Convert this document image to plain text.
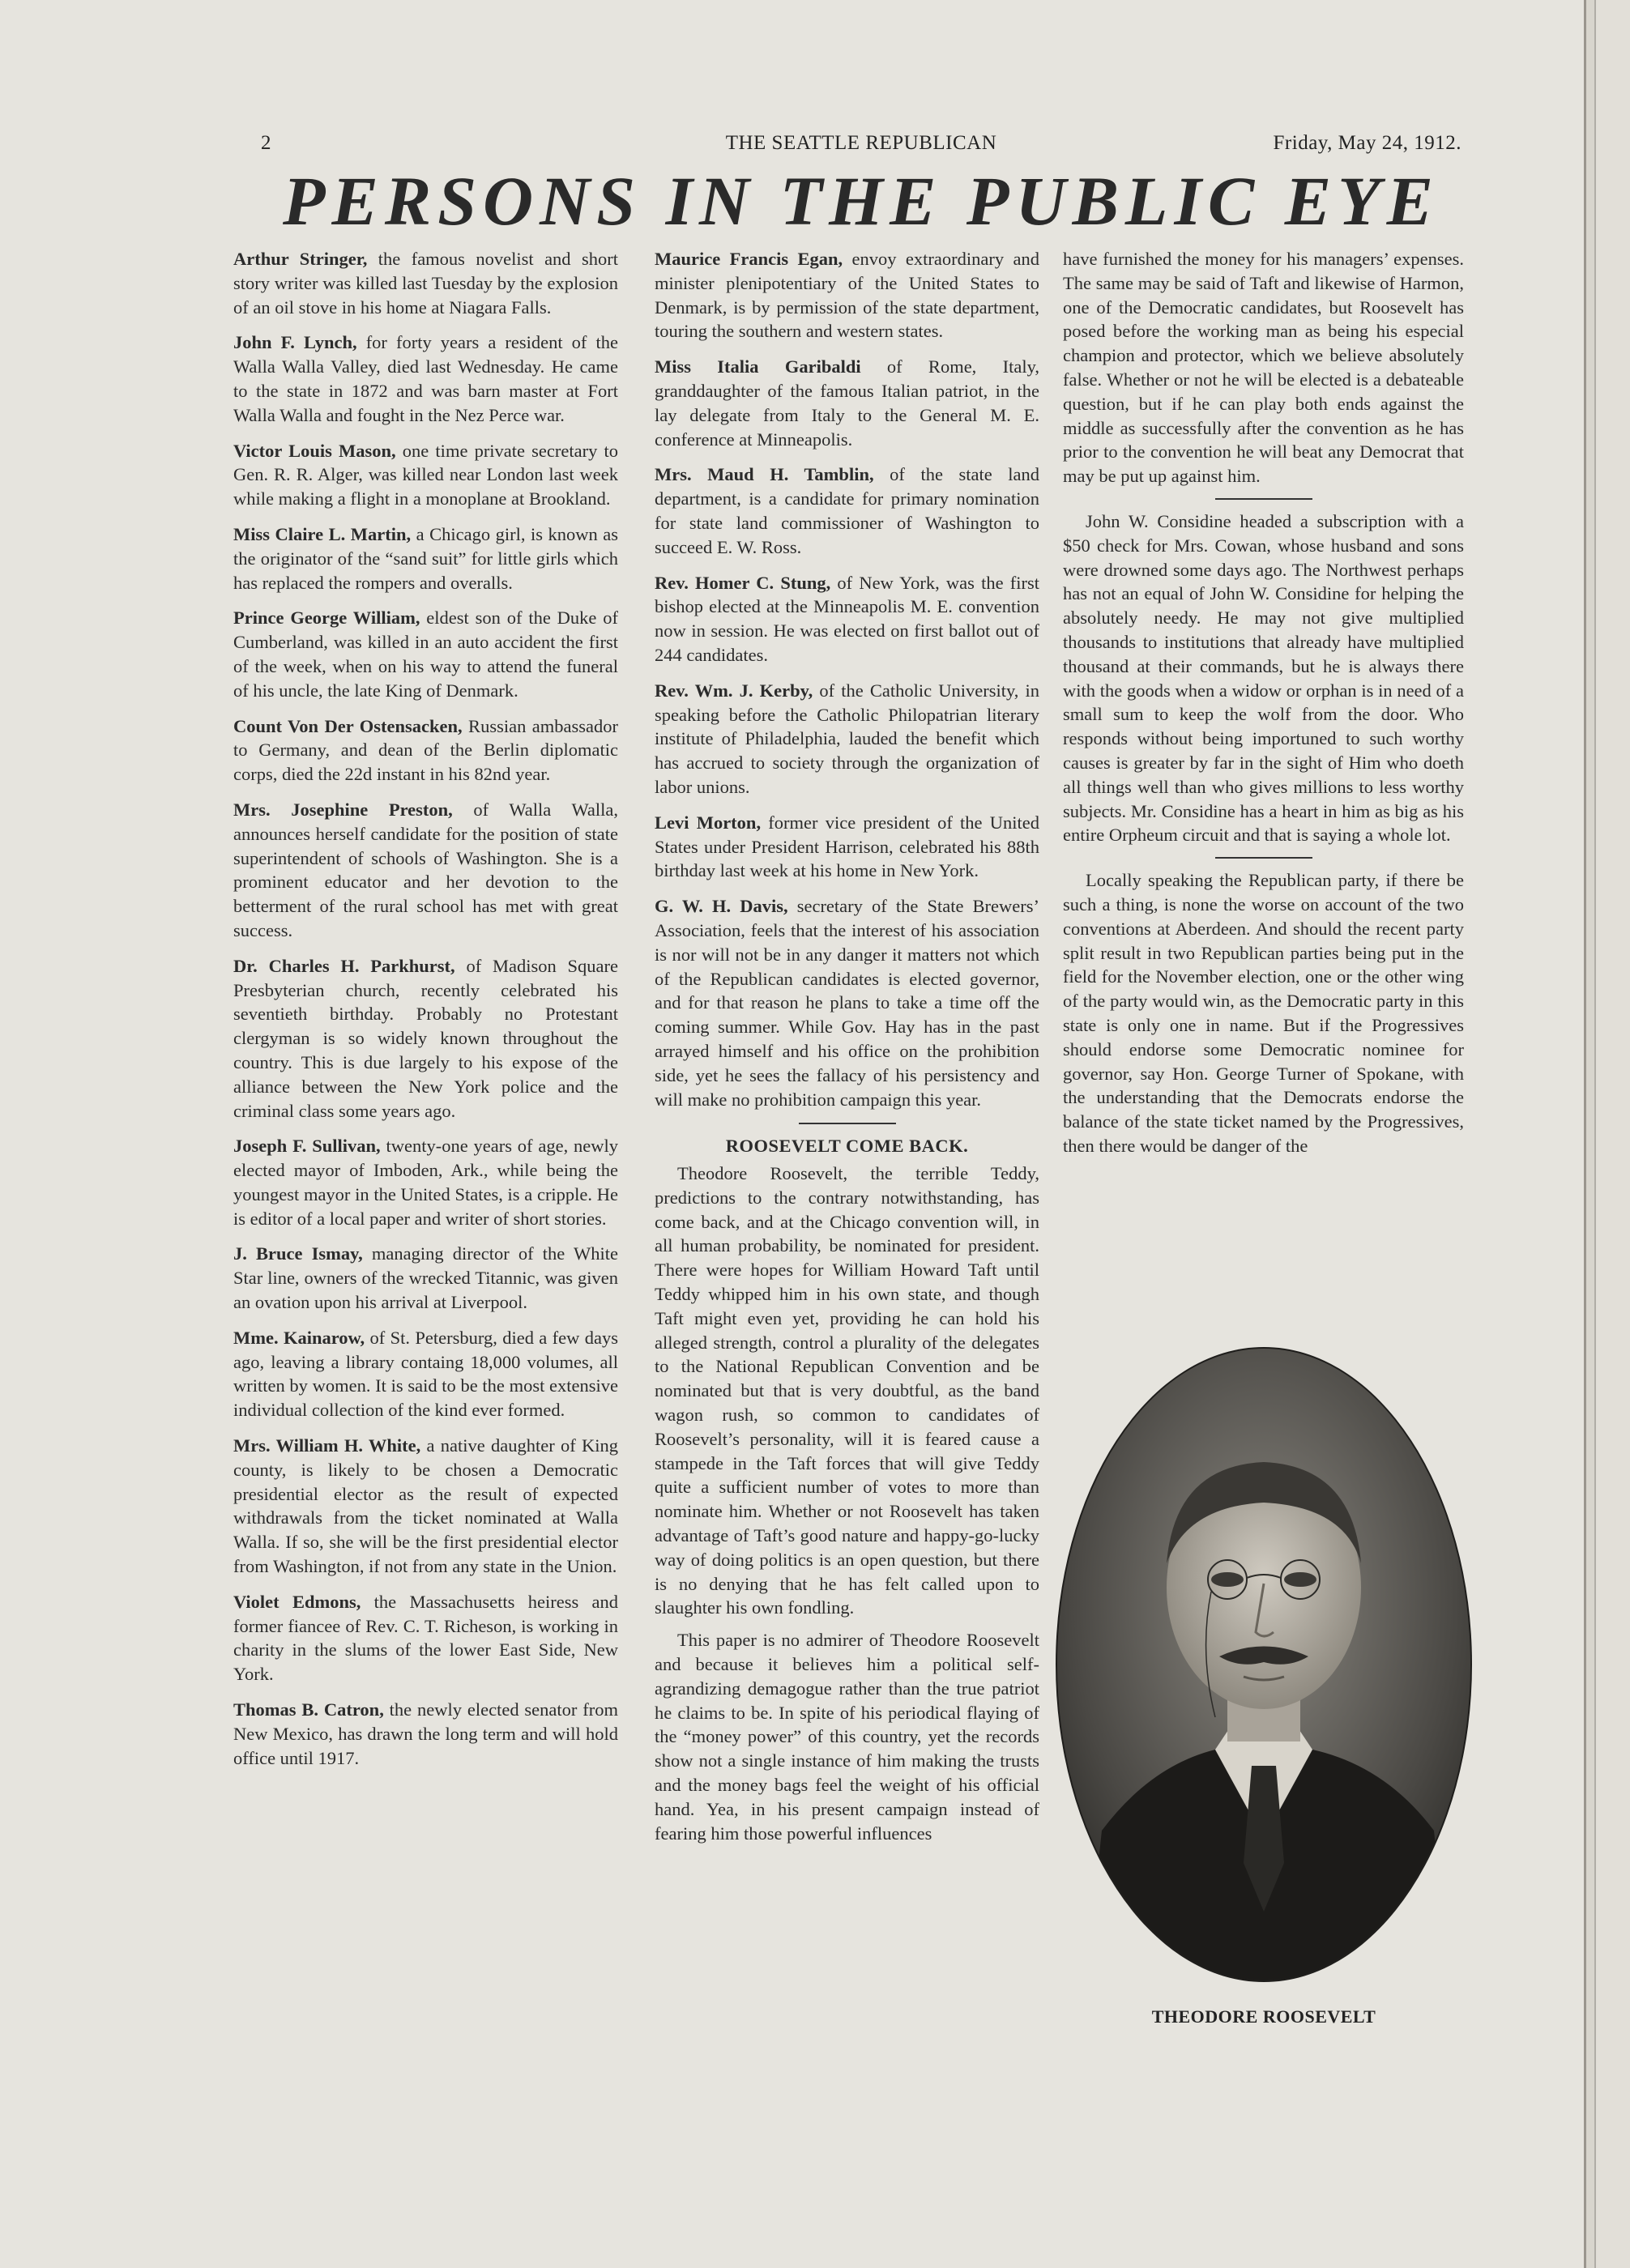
2	THE SEATTLE REPUBLICAN	Friday, May 24, 1912.
PERSONS IN THE PUBLIC EYE

Arthur Stringer, the famous novelist and short story writer was killed last Tuesday by the explosion of an oil stove in his home at Niagara Falls.

John F. Lynch, for forty years a resident of the Walla Walla Valley, died last Wednesday. He came to the state in 1872 and was barn master at Fort Walla Walla and fought in the Nez Perce war.

Victor Louis Mason, one time private secretary to Gen. R. R. Alger, was killed near London last week while making a flight in a monoplane at Brookland.

Miss Claire L. Martin, a Chicago girl, is known as the originator of the “sand suit” for little girls which has replaced the rompers and overalls.

Prince George William, eldest son of the Duke of Cumberland, was killed in an auto accident the first of the week, when on his way to attend the funeral of his uncle, the late King of Denmark.

Count Von Der Ostensacken, Russian ambassador to Germany, and dean of the Berlin diplomatic corps, died the 22d instant in his 82nd year.

Mrs. Josephine Preston, of Walla Walla, announces herself candidate for the position of state superintendent of schools of Washington. She is a prominent educator and her devotion to the betterment of the rural school has met with great success.

Dr. Charles H. Parkhurst, of Madison Square Presbyterian church, recently celebrated his seventieth birthday. Probably no Protestant clergyman is so widely known throughout the country. This is due largely to his expose of the alliance between the New York police and the criminal class some years ago.

Joseph F. Sullivan, twenty-one years of age, newly elected mayor of Imboden, Ark., while being the youngest mayor in the United States, is a cripple. He is editor of a local paper and writer of short stories.

J. Bruce Ismay, managing director of the White Star line, owners of the wrecked Titannic, was given an ovation upon his arrival at Liverpool.

Mme. Kainarow, of St. Petersburg, died a few days ago, leaving a library containg 18,000 volumes, all written by women. It is said to be the most extensive individual collection of the kind ever formed.

Mrs. William H. White, a native daughter of King county, is likely to be chosen a Democratic presidential elector as the result of expected withdrawals from the ticket nominated at Walla Walla. If so, she will be the first presidential elector from Washington, if not from any state in the Union.

Violet Edmons, the Massachusetts heiress and former fiancee of Rev. C. T. Richeson, is working in charity in the slums of the lower East Side, New York.

Thomas B. Catron, the newly elected senator from New Mexico, has drawn the long term and will hold office until 1917.

Maurice Francis Egan, envoy extraordinary and minister plenipotentiary of the United States to Denmark, is by permission of the state department, touring the southern and western states.

Miss Italia Garibaldi of Rome, Italy, granddaughter of the famous Italian patriot, in the lay delegate from Italy to the General M. E. conference at Minneapolis.

Mrs. Maud H. Tamblin, of the state land department, is a candidate for primary nomination for state land commissioner of Washington to succeed E. W. Ross.

Rev. Homer C. Stung, of New York, was the first bishop elected at the Minneapolis M. E. convention now in session. He was elected on first ballot out of 244 candidates.

Rev. Wm. J. Kerby, of the Catholic University, in speaking before the Catholic Philopatrian literary institute of Philadelphia, lauded the benefit which has accrued to society through the organization of labor unions.

Levi Morton, former vice president of the United States under President Harrison, celebrated his 88th birthday last week at his home in New York.

G. W. H. Davis, secretary of the State Brewers’ Association, feels that the interest of his association is nor will not be in any danger it matters not which of the Republican candidates is elected governor, and for that reason he plans to take a time off the coming summer. While Gov. Hay has in the past arrayed himself and his office on the prohibition side, yet he sees the fallacy of his persistency and will make no prohibition campaign this year.

ROOSEVELT COME BACK.

Theodore Roosevelt, the terrible Teddy, predictions to the contrary notwithstanding, has come back, and at the Chicago convention will, in all human probability, be nominated for president. There were hopes for William Howard Taft until Teddy whipped him in his own state, and though Taft might even yet, providing he can hold his alleged strength, control a plurality of the delegates to the National Republican Convention and be nominated but that is very doubtful, as the band wagon rush, so common to candidates of Roosevelt’s personality, will it is feared cause a stampede in the Taft forces that will give Teddy quite a sufficient number of votes to more than nominate him. Whether or not Roosevelt has taken advantage of Taft’s good nature and happy-go-lucky way of doing politics is an open question, but there is no denying that he has felt called upon to slaughter his own fondling.

This paper is no admirer of Theodore Roosevelt and because it believes him a political self-agrandizing demagogue rather than the true patriot he claims to be. In spite of his periodical flaying of the “money power” of this country, yet the records show not a single instance of him making the trusts and the money bags feel the weight of his official hand. Yea, in his present campaign instead of fearing him those powerful influences

have furnished the money for his managers’ expenses. The same may be said of Taft and likewise of Harmon, one of the Democratic candidates, but Roosevelt has posed before the working man as being his especial champion and protector, which we believe absolutely false. Whether or not he will be elected is a debateable question, but if he can play both ends against the middle as successfully after the convention as he has prior to the convention he will beat any Democrat that may be put up against him.

John W. Considine headed a subscription with a $50 check for Mrs. Cowan, whose husband and sons were drowned some days ago. The Northwest perhaps has not an equal of John W. Considine for helping the absolutely needy. He may not give multiplied thousands to institutions that already have multiplied thousand at their commands, but he is always there with the goods when a widow or orphan is in need of a small sum to keep the wolf from the door. Who responds without being importuned to such worthy causes is greater by far in the sight of Him who doeth all things well than who gives millions to less worthy subjects. Mr. Considine has a heart in him as big as his entire Orpheum circuit and that is saying a whole lot.

Locally speaking the Republican party, if there be such a thing, is none the worse on account of the two conventions at Aberdeen. And should the recent party split result in two Republican parties being put in the field for the November election, one or the other wing of the party would win, as the Democratic party in this state is only one in name. But if the Progressives should endorse some Democratic nominee for governor, say Hon. George Turner of Spokane, with the understanding that the Democrats endorse the balance of the state ticket named by the Progressives, then there would be danger of the

THEODORE ROOSEVELT
